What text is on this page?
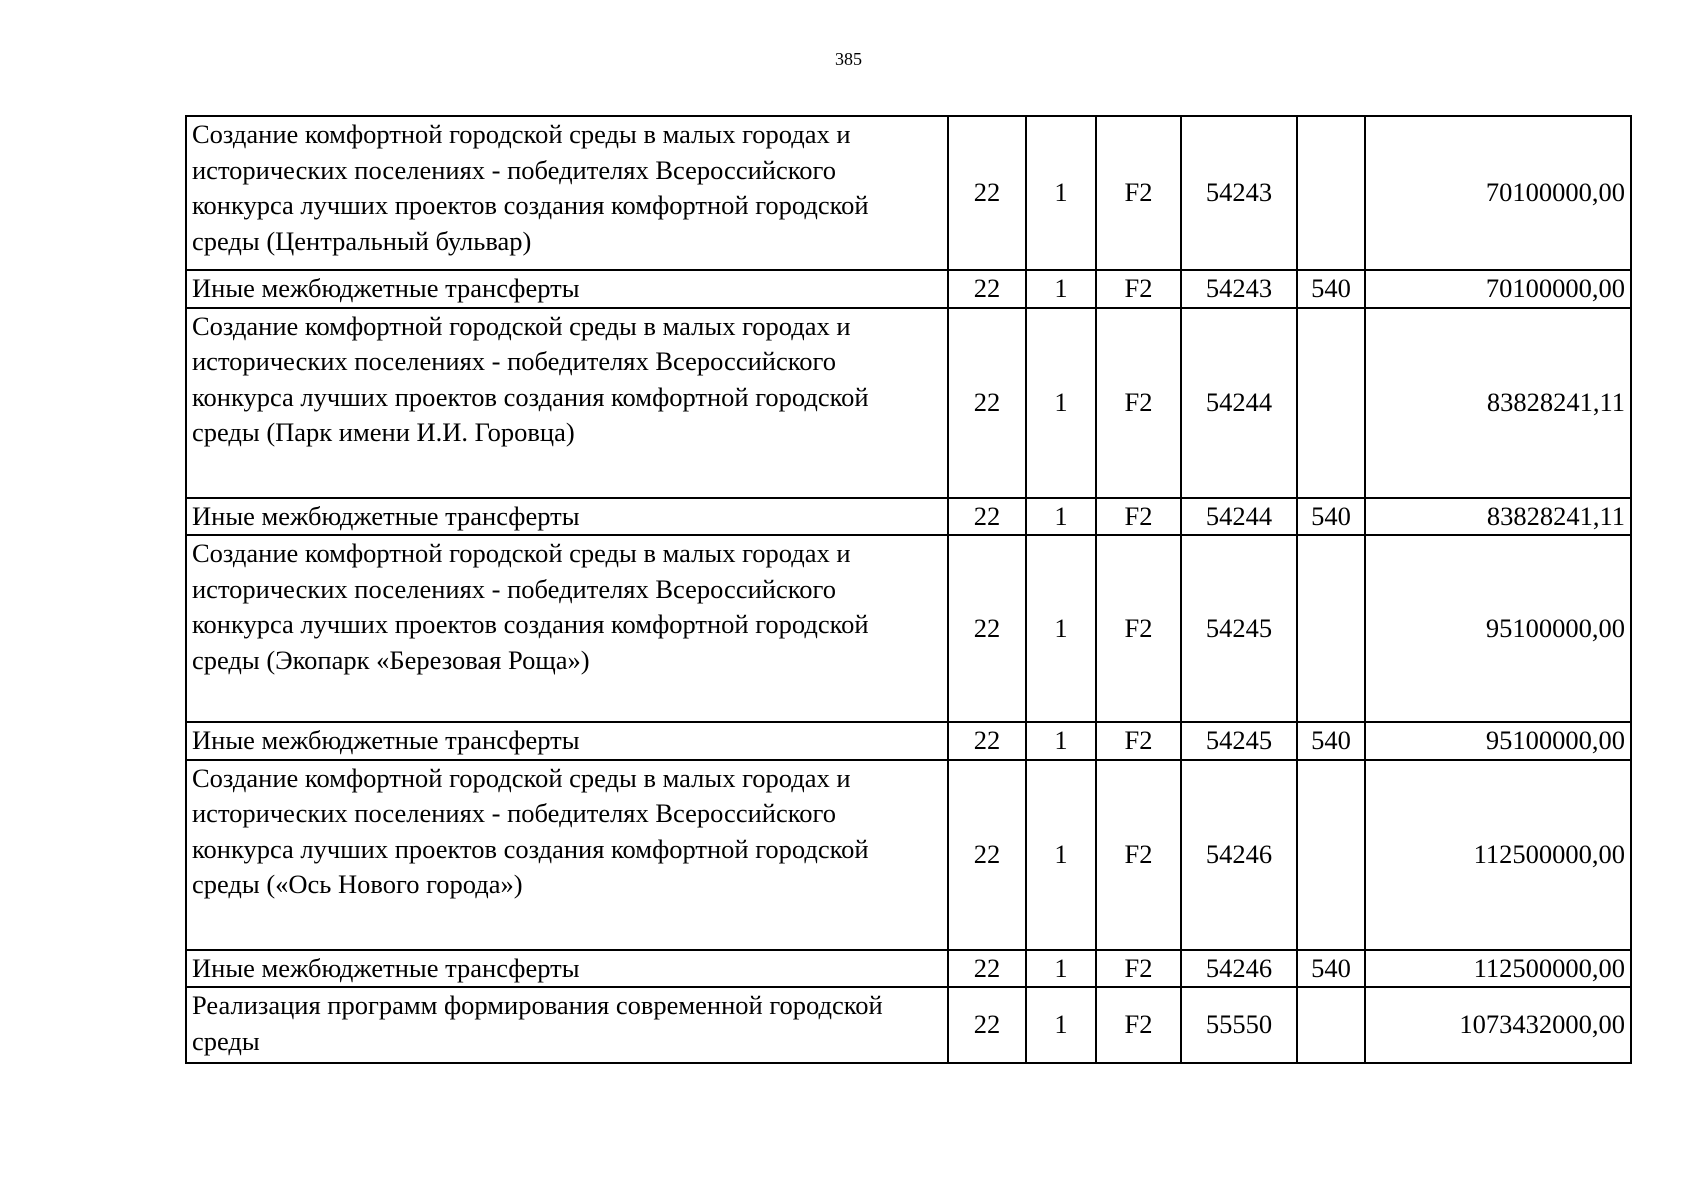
385
Создание комфортной городской среды в малых городах и исторических поселениях - победителях Всероссийского конкурса лучших проектов создания комфортной городской среды (Центральный бульвар)	22	1	F2	54243		70100000,00
Иные межбюджетные трансферты	22	1	F2	54243	540	70100000,00
Создание комфортной городской среды в малых городах и исторических поселениях - победителях Всероссийского конкурса лучших проектов создания комфортной городской среды (Парк имени И.И. Горовца)	22	1	F2	54244		83828241,11
Иные межбюджетные трансферты	22	1	F2	54244	540	83828241,11
Создание комфортной городской среды в малых городах и исторических поселениях - победителях Всероссийского конкурса лучших проектов создания комфортной городской среды (Экопарк «Березовая Роща»)	22	1	F2	54245		95100000,00
Иные межбюджетные трансферты	22	1	F2	54245	540	95100000,00
Создание комфортной городской среды в малых городах и исторических поселениях - победителях Всероссийского конкурса лучших проектов создания комфортной городской среды («Ось Нового города»)	22	1	F2	54246		112500000,00
Иные межбюджетные трансферты	22	1	F2	54246	540	112500000,00
Реализация программ формирования современной городской среды	22	1	F2	55550		1073432000,00
